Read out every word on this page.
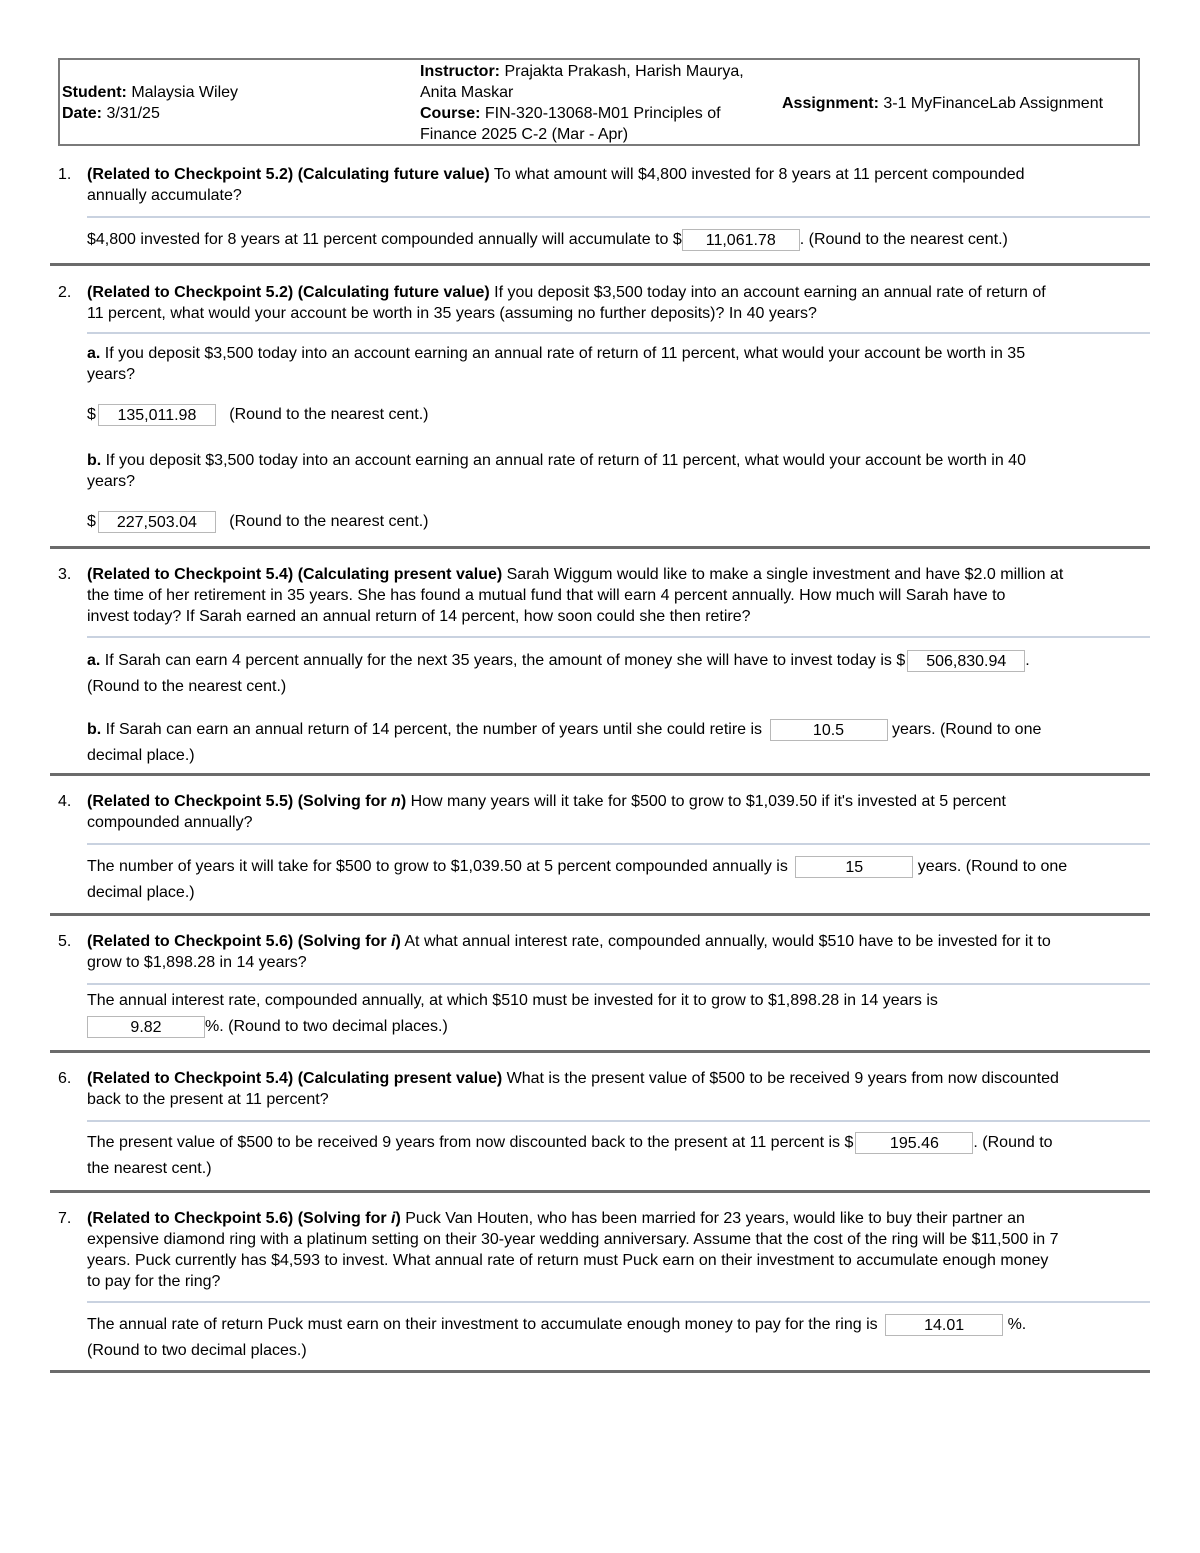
Student: Malaysia Wiley
Date: 3/31/25
Instructor: Prajakta Prakash, Harish Maurya,
Anita Maskar
Course: FIN-320-13068-M01 Principles of
Finance 2025 C-2 (Mar - Apr)
Assignment: 3-1 MyFinanceLab Assignment
1. (Related to Checkpoint 5.2) (Calculating future value) To what amount will $4,800 invested for 8 years at 11 percent compounded
annually accumulate?
$4,800 invested for 8 years at 11 percent compounded annually will accumulate to $ 11,061.78 . (Round to the nearest cent.)
2. (Related to Checkpoint 5.2) (Calculating future value) If you deposit $3,500 today into an account earning an annual rate of return of
11 percent, what would your account be worth in 35 years (assuming no further deposits)? In 40 years?
a. If you deposit $3,500 today into an account earning an annual rate of return of 11 percent, what would your account be worth in 35
years?
$ 135,011.98 (Round to the nearest cent.)
b. If you deposit $3,500 today into an account earning an annual rate of return of 11 percent, what would your account be worth in 40
years?
$ 227,503.04 (Round to the nearest cent.)
3. (Related to Checkpoint 5.4) (Calculating present value) Sarah Wiggum would like to make a single investment and have $2.0 million at
the time of her retirement in 35 years. She has found a mutual fund that will earn 4 percent annually. How much will Sarah have to
invest today? If Sarah earned an annual return of 14 percent, how soon could she then retire?
a. If Sarah can earn 4 percent annually for the next 35 years, the amount of money she will have to invest today is $ 506,830.94 .
(Round to the nearest cent.)
b. If Sarah can earn an annual return of 14 percent, the number of years until she could retire is	10.5	years. (Round to one
decimal place.)
4. (Related to Checkpoint 5.5) (Solving for n) How many years will it take for $500 to grow to $1,039.50 if it's invested at 5 percent
compounded annually?
The number of years it will take for $500 to grow to $1,039.50 at 5 percent compounded annually is	15	years. (Round to one
decimal place.)
5. (Related to Checkpoint 5.6) (Solving for i) At what annual interest rate, compounded annually, would $510 have to be invested for it to
grow to $1,898.28 in 14 years?
The annual interest rate, compounded annually, at which $510 must be invested for it to grow to $1,898.28 in 14 years is
9.82	%. (Round to two decimal places.)
6. (Related to Checkpoint 5.4) (Calculating present value) What is the present value of $500 to be received 9 years from now discounted
back to the present at 11 percent?
The present value of $500 to be received 9 years from now discounted back to the present at 11 percent is $ 195.46 . (Round to
the nearest cent.)
7. (Related to Checkpoint 5.6) (Solving for i) Puck Van Houten, who has been married for 23 years, would like to buy their partner an
expensive diamond ring with a platinum setting on their 30-year wedding anniversary. Assume that the cost of the ring will be $11,500 in 7
years. Puck currently has $4,593 to invest. What annual rate of return must Puck earn on their investment to accumulate enough money
to pay for the ring?
The annual rate of return Puck must earn on their investment to accumulate enough money to pay for the ring is	14.01	%.
(Round to two decimal places.)
